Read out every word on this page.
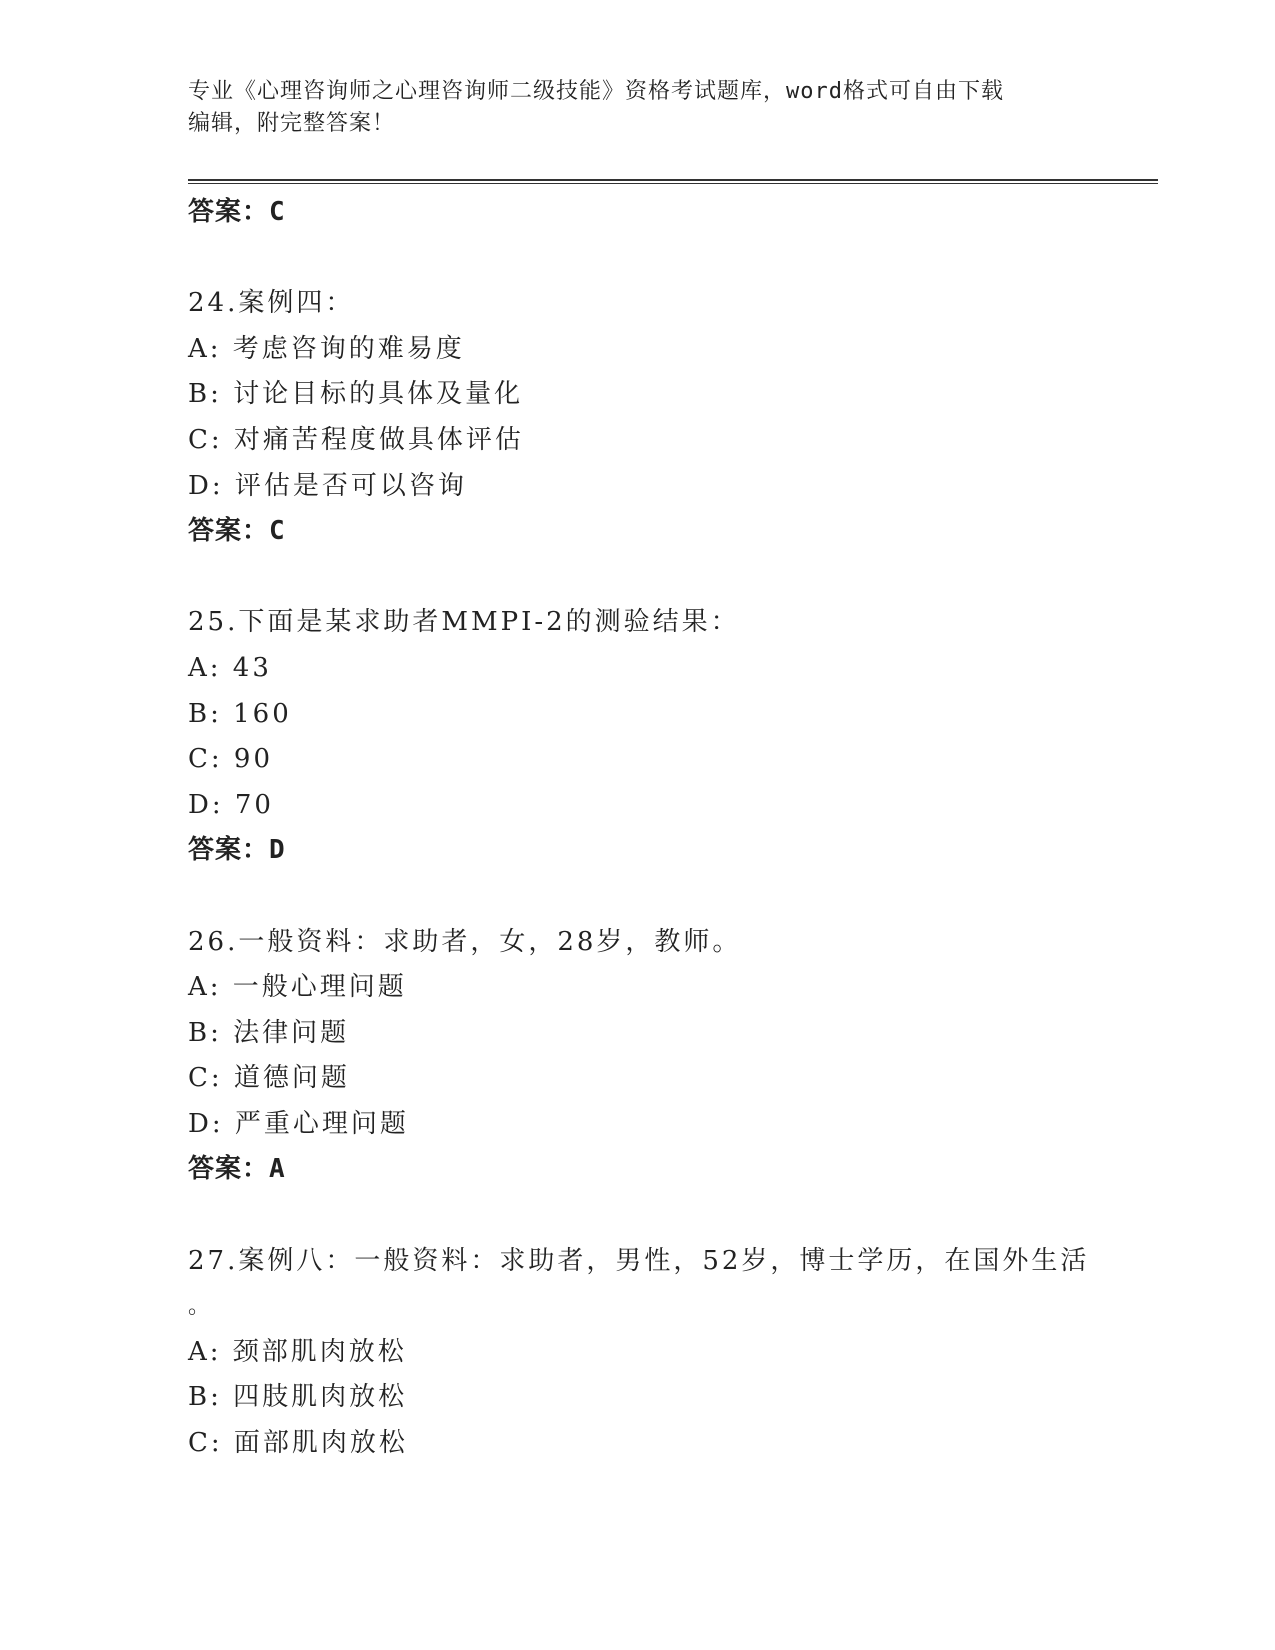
专业《心理咨询师之心理咨询师二级技能》资格考试题库，word格式可自由下载
编辑，附完整答案！
答案：C
24.案例四：
A: 考虑咨询的难易度
B: 讨论目标的具体及量化
C: 对痛苦程度做具体评估
D: 评估是否可以咨询
答案：C
25.下面是某求助者MMPI-2的测验结果：
A: 43
B: 160
C: 90
D: 70
答案：D
26.一般资料：求助者，女，28岁，教师。
A: 一般心理问题
B: 法律问题
C: 道德问题
D: 严重心理问题
答案：A
27.案例八：一般资料：求助者，男性，52岁，博士学历，在国外生活
。
A: 颈部肌肉放松
B: 四肢肌肉放松
C: 面部肌肉放松
